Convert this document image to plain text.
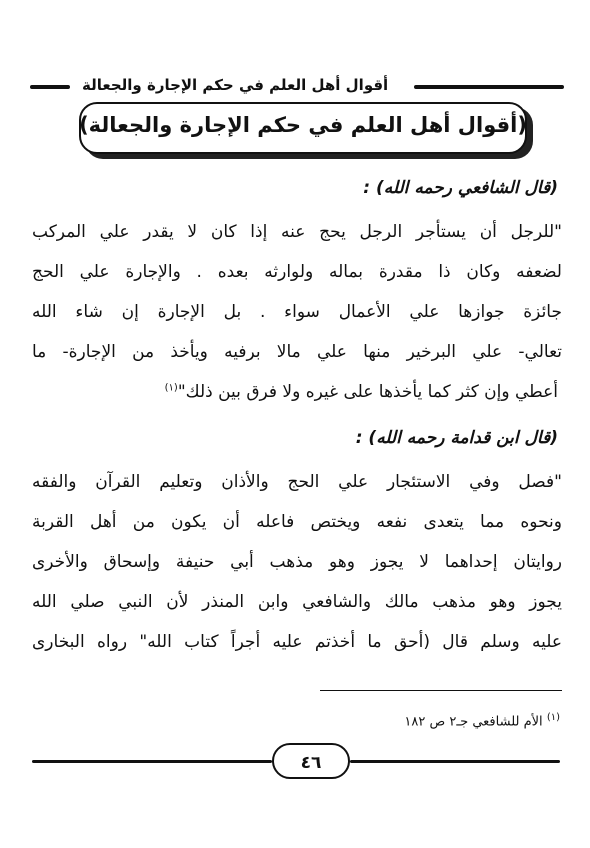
أقوال أهل العلم في حكم الإجارة والجعالة
(أقوال أهل العلم في حكم الإجارة والجعالة)
(قال الشافعي رحمه الله) :
"للرجل أن يستأجر الرجل يحج عنه إذا كان لا يقدر علي المركب
لضعفه وكان ذا مقدرة بماله ولوارثه بعده . والإجارة علي الحج
جائزة جوازها علي الأعمال سواء . بل الإجارة إن شاء الله
تعالي- علي البرخير منها علي مالا برفيه ويأخذ من الإجارة- ما
أعطي وإن كثر كما يأخذها على غيره ولا فرق بين ذلك"$^{(١)}$
(قال ابن قدامة رحمه الله) :
"فصل وفي الاستئجار علي الحج والأذان وتعليم القرآن والفقه
ونحوه مما يتعدى نفعه ويختص فاعله أن يكون من أهل القربة
روايتان إحداهما لا يجوز وهو مذهب أبي حنيفة وإسحاق والأخرى
يجوز وهو مذهب مالك والشافعي وابن المنذر لأن النبي صلي الله
عليه وسلم قال (أحق ما أخذتم عليه أجراً كتاب الله" رواه البخارى
$^{(١)}$ الأم للشافعي جـ٢ ص ١٨٢
٤٦
